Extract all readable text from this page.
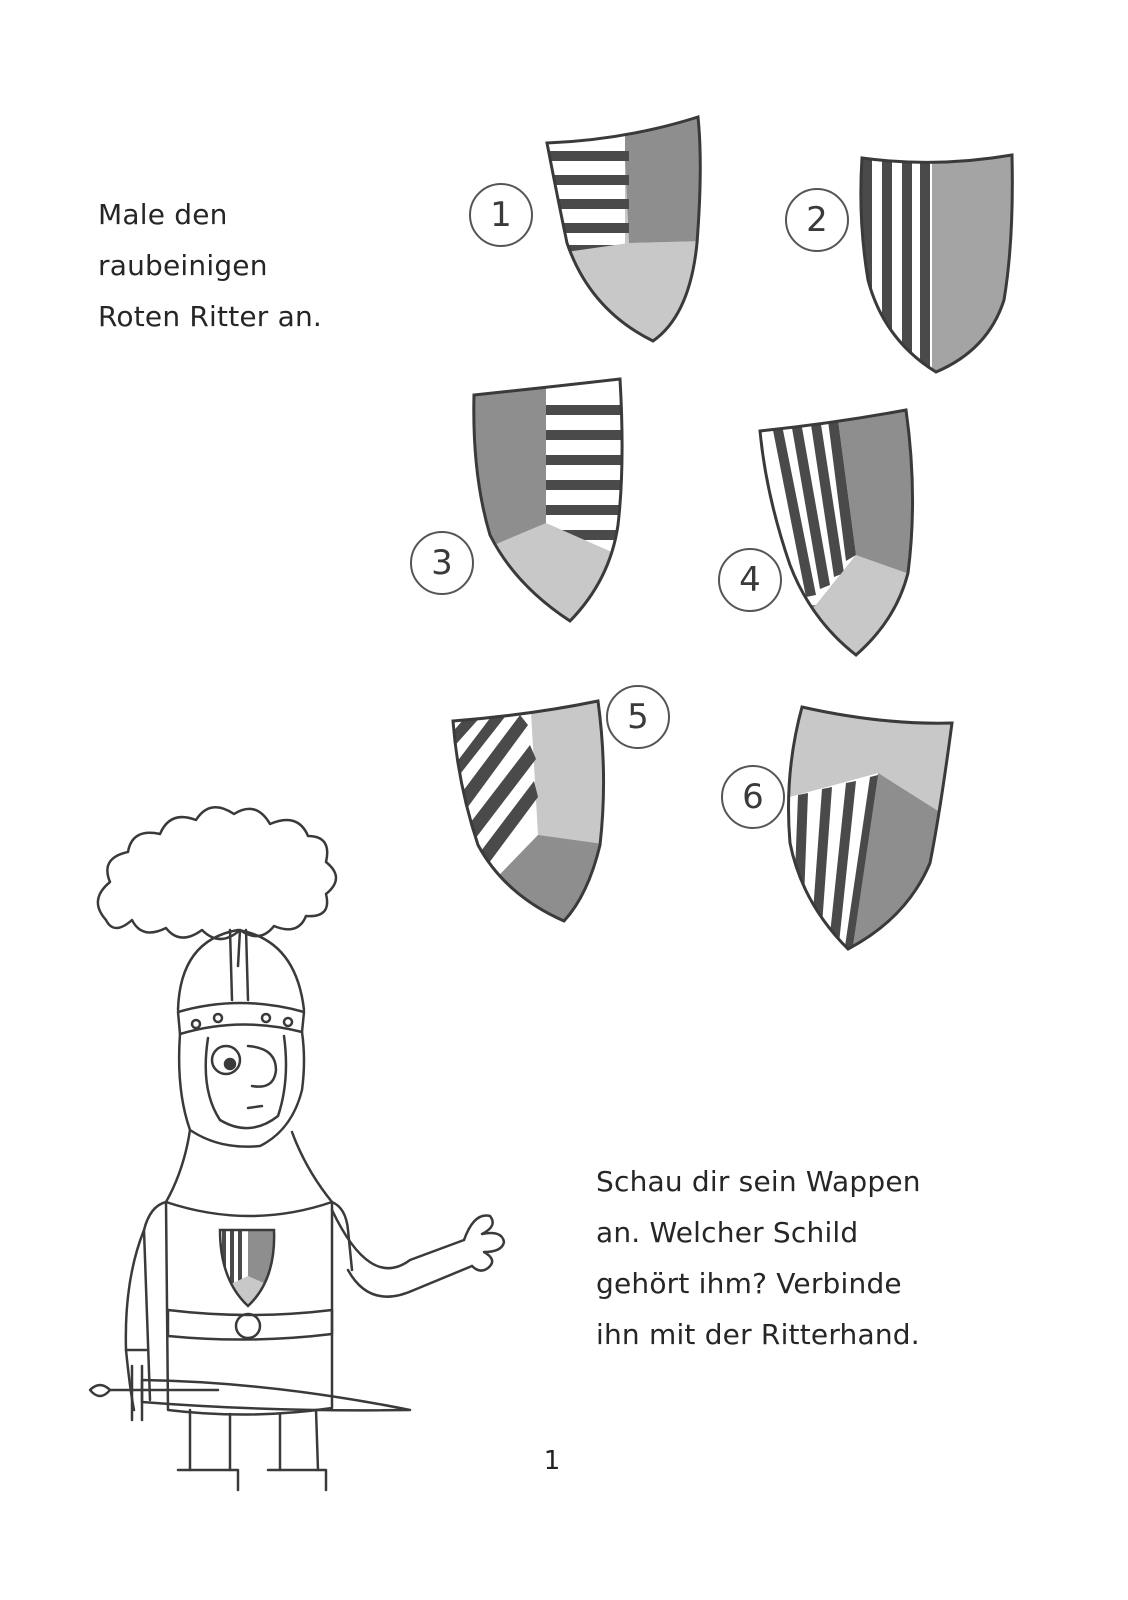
Male den
raubeinigen
Roten Ritter an.

1	2
3	4
5
6

Schau dir sein Wappen
an. Welcher Schild
gehört ihm? Verbinde
ihn mit der Ritterhand.

1
